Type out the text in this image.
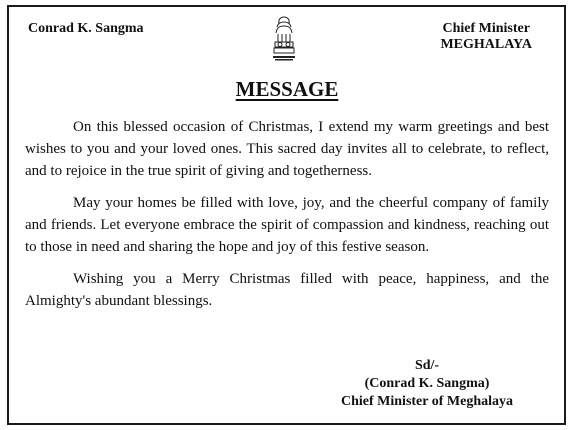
Conrad K. Sangma	Chief Minister
MEGHALAYA
MESSAGE

On this blessed occasion of Christmas, I extend my warm greetings and best wishes to you and your loved ones. This sacred day invites all to celebrate, to reflect, and to rejoice in the true spirit of giving and togetherness.

May your homes be filled with love, joy, and the cheerful company of family and friends. Let everyone embrace the spirit of compassion and kindness, reaching out to those in need and sharing the hope and joy of this festive season.

Wishing you a Merry Christmas filled with peace, happiness, and the Almighty's abundant blessings.

Sd/-
(Conrad K. Sangma)
Chief Minister of Meghalaya
